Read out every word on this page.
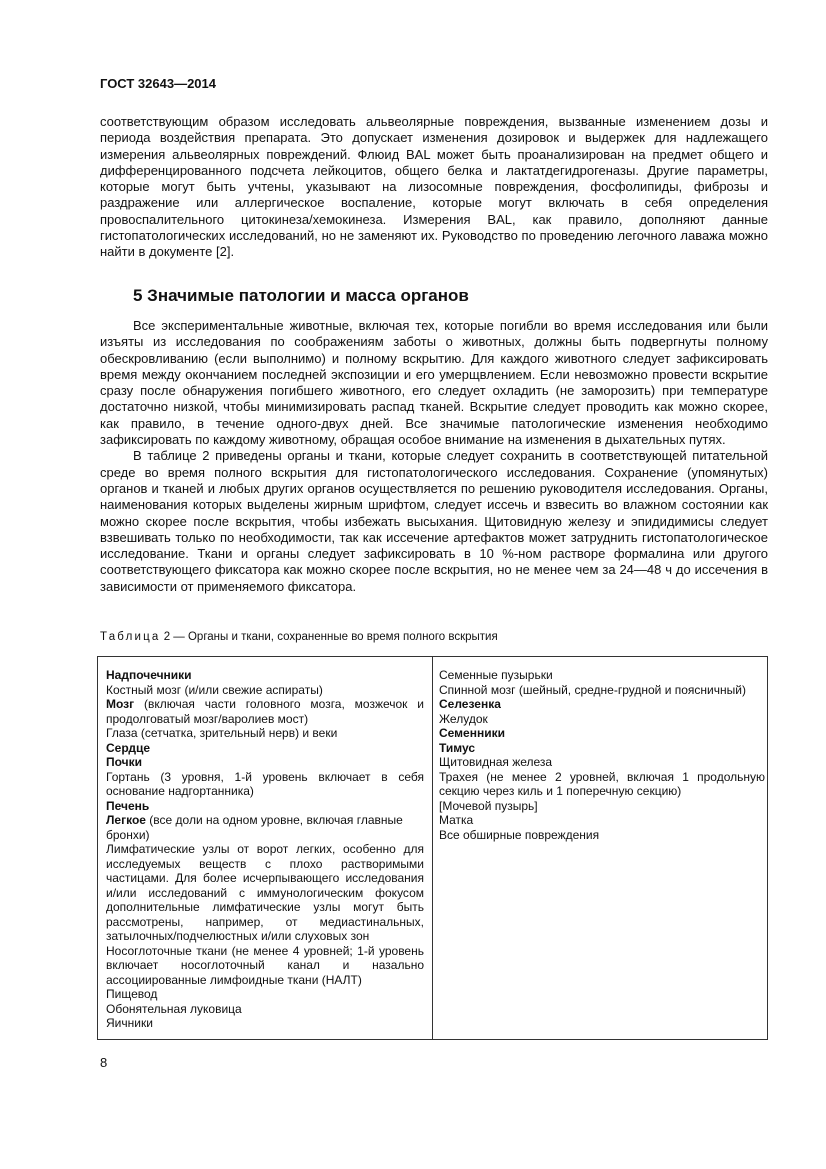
ГОСТ 32643—2014

соответствующим образом исследовать альвеолярные повреждения, вызванные изменением дозы и периода воздействия препарата. Это допускает изменения дозировок и выдержек для надлежащего измерения альвеолярных повреждений. Флюид BAL может быть проанализирован на предмет общего и дифференцированного подсчета лейкоцитов, общего белка и лактатдегидрогеназы. Другие параметры, которые могут быть учтены, указывают на лизосомные повреждения, фосфолипиды, фиброзы и раздражение или аллергическое воспаление, которые могут включать в себя определения провоспалительного цитокинеза/хемокинеза. Измерения BAL, как правило, дополняют данные гистопатологических исследований, но не заменяют их. Руководство по проведению легочного лаважа можно найти в документе [2].

5 Значимые патологии и масса органов

Все экспериментальные животные, включая тех, которые погибли во время исследования или были изъяты из исследования по соображениям заботы о животных, должны быть подвергнуты полному обескровливанию (если выполнимо) и полному вскрытию. Для каждого животного следует зафиксировать время между окончанием последней экспозиции и его умерщвлением. Если невозможно провести вскрытие сразу после обнаружения погибшего животного, его следует охладить (не заморозить) при температуре достаточно низкой, чтобы минимизировать распад тканей. Вскрытие следует проводить как можно скорее, как правило, в течение одного-двух дней. Все значимые патологические изменения необходимо зафиксировать по каждому животному, обращая особое внимание на изменения в дыхательных путях.

В таблице 2 приведены органы и ткани, которые следует сохранить в соответствующей питательной среде во время полного вскрытия для гистопатологического исследования. Сохранение (упомянутых) органов и тканей и любых других органов осуществляется по решению руководителя исследования. Органы, наименования которых выделены жирным шрифтом, следует иссечь и взвесить во влажном состоянии как можно скорее после вскрытия, чтобы избежать высыхания. Щитовидную железу и эпидидимисы следует взвешивать только по необходимости, так как иссечение артефактов может затруднить гистопатологическое исследование. Ткани и органы следует зафиксировать в 10 %-ном растворе формалина или другого соответствующего фиксатора как можно скорее после вскрытия, но не менее чем за 24—48 ч до иссечения в зависимости от применяемого фиксатора.

Таблица 2 — Органы и ткани, сохраненные во время полного вскрытия

Надпочечники

Костный мозг (и/или свежие аспираты)

Мозг (включая части головного мозга, мозжечок и продолговатый мозг/варолиев мост)

Глаза (сетчатка, зрительный нерв) и веки

Сердце

Почки

Гортань (3 уровня, 1-й уровень включает в себя основание надгортанника)

Печень

Легкое (все доли на одном уровне, включая главные бронхи)

Лимфатические узлы от ворот легких, особенно для исследуемых веществ с плохо растворимыми частицами. Для более исчерпывающего исследования и/или исследований с иммунологическим фокусом дополнительные лимфатические узлы могут быть рассмотрены, например, от медиастинальных, затылочных/подчелюстных и/или слуховых зон

Носоглоточные ткани (не менее 4 уровней; 1-й уровень включает носоглоточный канал и назально ассоциированные лимфоидные ткани (НАЛТ)

Пищевод

Обонятельная луковица

Яичники

Семенные пузырьки

Спинной мозг (шейный, средне-грудной и поясничный)

Селезенка

Желудок

Семенники

Тимус

Щитовидная железа

Трахея (не менее 2 уровней, включая 1 продольную секцию через киль и 1 поперечную секцию)

[Мочевой пузырь]

Матка

Все обширные повреждения

8
